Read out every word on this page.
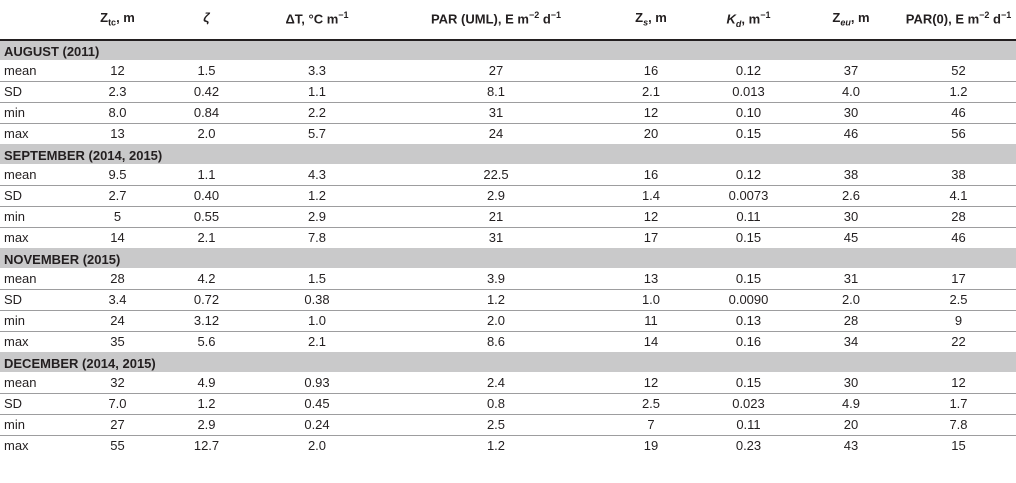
	$Z_{tc}$, m	ζ	ΔT, °C $m^{-1}$	PAR (UML), E $m^{-2}$ $d^{-1}$	$Z_s$, m	$K_d$, $m^{-1}$	$Z_{eu}$, m	PAR(0), E $m^{-2}$ $d^{-1}$
AUGUST (2011)								
mean	12	1.5	3.3	27	16	0.12	37	52
SD	2.3	0.42	1.1	8.1	2.1	0.013	4.0	1.2
min	8.0	0.84	2.2	31	12	0.10	30	46
max	13	2.0	5.7	24	20	0.15	46	56
SEPTEMBER (2014, 2015)								
mean	9.5	1.1	4.3	22.5	16	0.12	38	38
SD	2.7	0.40	1.2	2.9	1.4	0.0073	2.6	4.1
min	5	0.55	2.9	21	12	0.11	30	28
max	14	2.1	7.8	31	17	0.15	45	46
NOVEMBER (2015)								
mean	28	4.2	1.5	3.9	13	0.15	31	17
SD	3.4	0.72	0.38	1.2	1.0	0.0090	2.0	2.5
min	24	3.12	1.0	2.0	11	0.13	28	9
max	35	5.6	2.1	8.6	14	0.16	34	22
DECEMBER (2014, 2015)								
mean	32	4.9	0.93	2.4	12	0.15	30	12
SD	7.0	1.2	0.45	0.8	2.5	0.023	4.9	1.7
min	27	2.9	0.24	2.5	7	0.11	20	7.8
max	55	12.7	2.0	1.2	19	0.23	43	15
